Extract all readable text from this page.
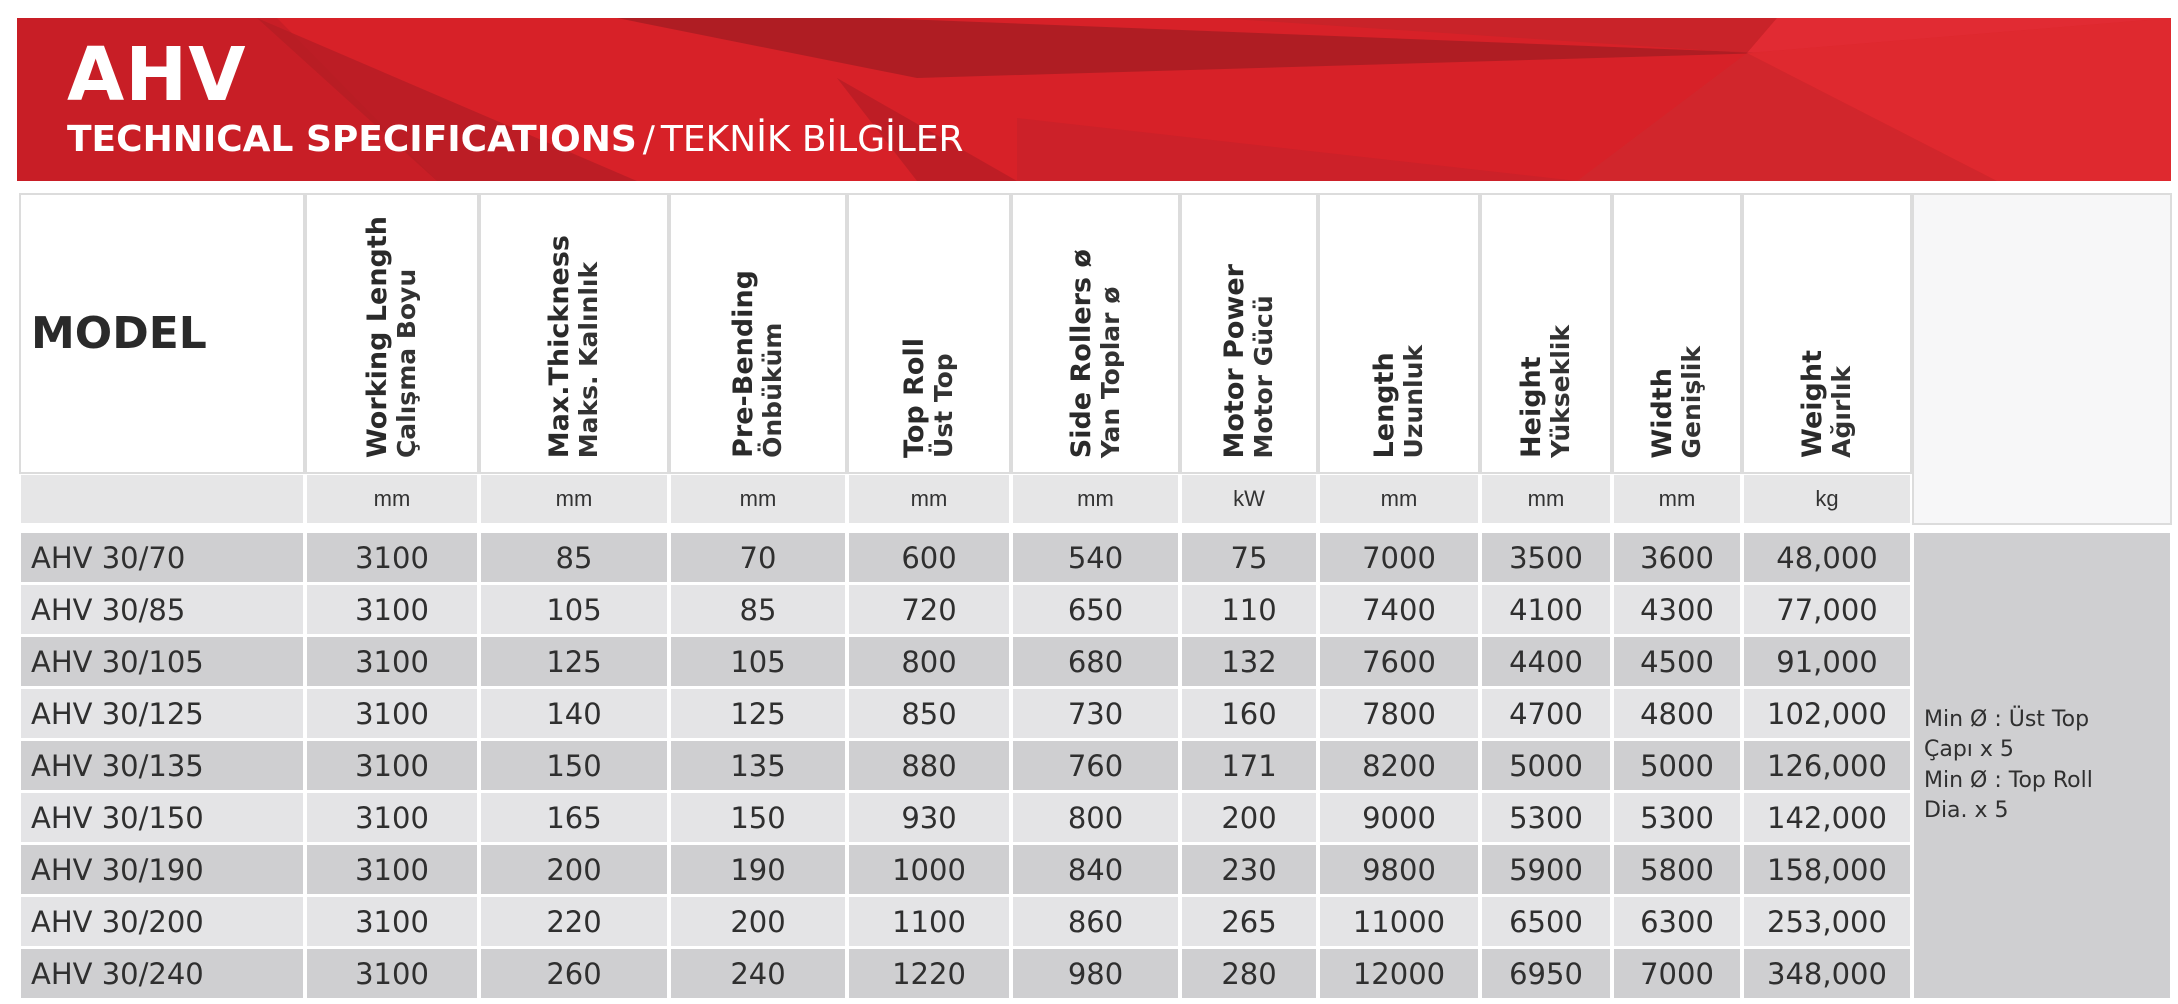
AHV
TECHNICAL SPECIFICATIONS / TEKNİK BİLGİLER
MODEL	Working Length Çalışma Boyu	Max.Thickness Maks. Kalınlık	Pre-Bending Önbüküm	Top Roll Üst Top	Side Rollers ø Yan Toplar ø	Motor Power Motor Gücü	Length Uzunluk	Height Yükseklik	Width Genişlik	Weight Ağırlık	

	mm	mm	mm	mm	mm	kW	mm	mm	mm	kg	

AHV 30/70	3100	85	70	600	540	75	7000	3500	3600	48,000	Min Ø : Üst Top
Çapı x 5
Min Ø : Top Roll
Dia. x 5

AHV 30/85	3100	105	85	720	650	110	7400	4100	4300	77,000	
AHV 30/105	3100	125	105	800	680	132	7600	4400	4500	91,000	
AHV 30/125	3100	140	125	850	730	160	7800	4700	4800	102,000	
AHV 30/135	3100	150	135	880	760	171	8200	5000	5000	126,000	
AHV 30/150	3100	165	150	930	800	200	9000	5300	5300	142,000	
AHV 30/190	3100	200	190	1000	840	230	9800	5900	5800	158,000	
AHV 30/200	3100	220	200	1100	860	265	11000	6500	6300	253,000	
AHV 30/240	3100	260	240	1220	980	280	12000	6950	7000	348,000	
